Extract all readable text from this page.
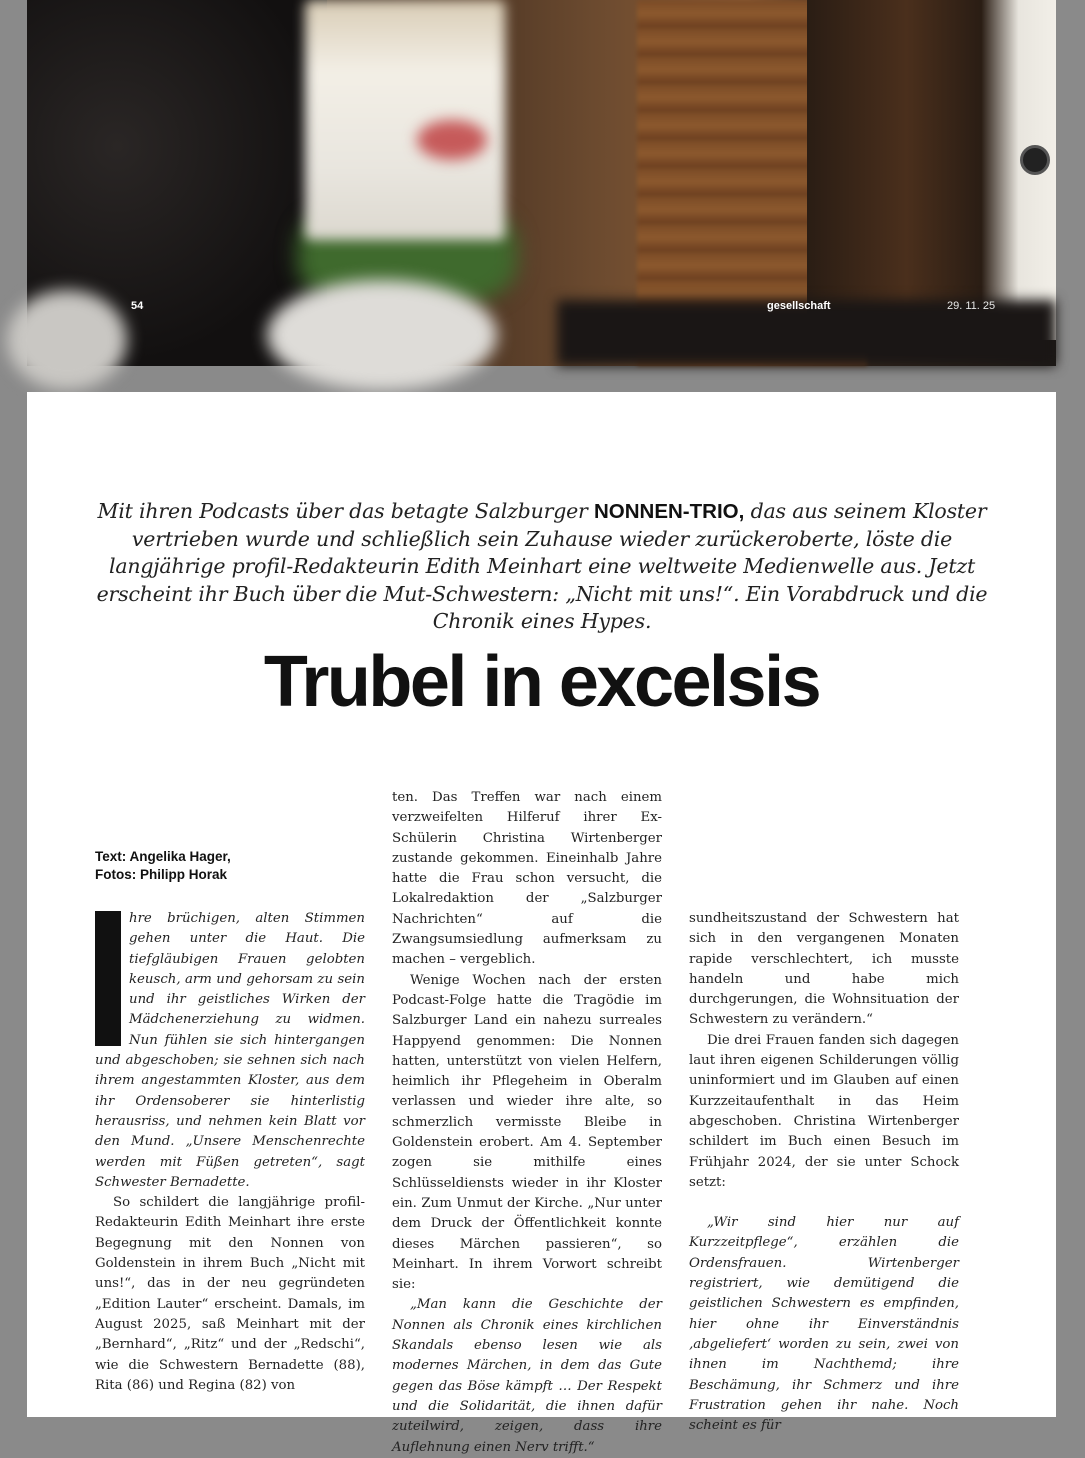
54	gesellschaft	29. 11. 25
Mit ihren Podcasts über das betagte Salzburger NONNEN-TRIO, das aus seinem Kloster vertrieben wurde und schließlich sein Zuhause wieder zurückeroberte, löste die langjährige profil-Redakteurin Edith Meinhart eine weltweite Medienwelle aus. Jetzt erscheint ihr Buch über die Mut-Schwestern: „Nicht mit uns!“. Ein Vorabdruck und die Chronik eines Hypes.
Trubel in excelsis
Text: Angelika Hager,
Fotos: Philipp Horak

hre brüchigen, alten Stimmen gehen unter die Haut. Die tiefgläubigen Frauen gelobten keusch, arm und gehorsam zu sein und ihr geistliches Wirken der Mädchenerziehung zu widmen. Nun fühlen sie sich hintergangen und abgeschoben; sie sehnen sich nach ihrem angestammten Kloster, aus dem ihr Ordensoberer sie hinterlistig herausriss, und nehmen kein Blatt vor den Mund. „Unsere Menschenrechte werden mit Füßen getreten“, sagt Schwester Bernadette.

So schildert die langjährige profil-Redakteurin Edith Meinhart ihre erste Begegnung mit den Nonnen von Goldenstein in ihrem Buch „Nicht mit uns!“, das in der neu gegründeten „Edition Lauter“ erscheint. Damals, im August 2025, saß Meinhart mit der „Bernhard“, „Ritz“ und der „Redschi“, wie die Schwestern Bernadette (88), Rita (86) und Regina (82) von

ten. Das Treffen war nach einem verzweifelten Hilferuf ihrer Ex-Schülerin Christina Wirtenberger zustande gekommen. Eineinhalb Jahre hatte die Frau schon versucht, die Lokalredaktion der „Salzburger Nachrichten“ auf die Zwangsumsiedlung aufmerksam zu machen – vergeblich.

Wenige Wochen nach der ersten Podcast-Folge hatte die Tragödie im Salzburger Land ein nahezu surreales Happyend genommen: Die Nonnen hatten, unterstützt von vielen Helfern, heimlich ihr Pflegeheim in Oberalm verlassen und wieder ihre alte, so schmerzlich vermisste Bleibe in Goldenstein erobert. Am 4. September zogen sie mithilfe eines Schlüsseldiensts wieder in ihr Kloster ein. Zum Unmut der Kirche. „Nur unter dem Druck der Öffentlichkeit konnte dieses Märchen passieren“, so Meinhart. In ihrem Vorwort schreibt sie:

„Man kann die Geschichte der Nonnen als Chronik eines kirchlichen Skandals ebenso lesen wie als modernes Märchen, in dem das Gute gegen das Böse kämpft … Der Respekt und die Solidarität, die ihnen dafür zuteilwird, zeigen, dass ihre Auflehnung einen Nerv trifft.“

sundheitszustand der Schwestern hat sich in den vergangenen Monaten rapide verschlechtert, ich musste handeln und habe mich durchgerungen, die Wohnsituation der Schwestern zu verändern.“

Die drei Frauen fanden sich dagegen laut ihren eigenen Schilderungen völlig uninformiert und im Glauben auf einen Kurzzeitaufenthalt in das Heim abgeschoben. Christina Wirtenberger schildert im Buch einen Besuch im Frühjahr 2024, der sie unter Schock setzt:

„Wir sind hier nur auf Kurzzeitpflege“, erzählen die Ordensfrauen. Wirtenberger registriert, wie demütigend die geistlichen Schwestern es empfinden, hier ohne ihr Einverständnis ‚abgeliefert‘ worden zu sein, zwei von ihnen im Nachthemd; ihre Beschämung, ihr Schmerz und ihre Frustration gehen ihr nahe. Noch scheint es für
